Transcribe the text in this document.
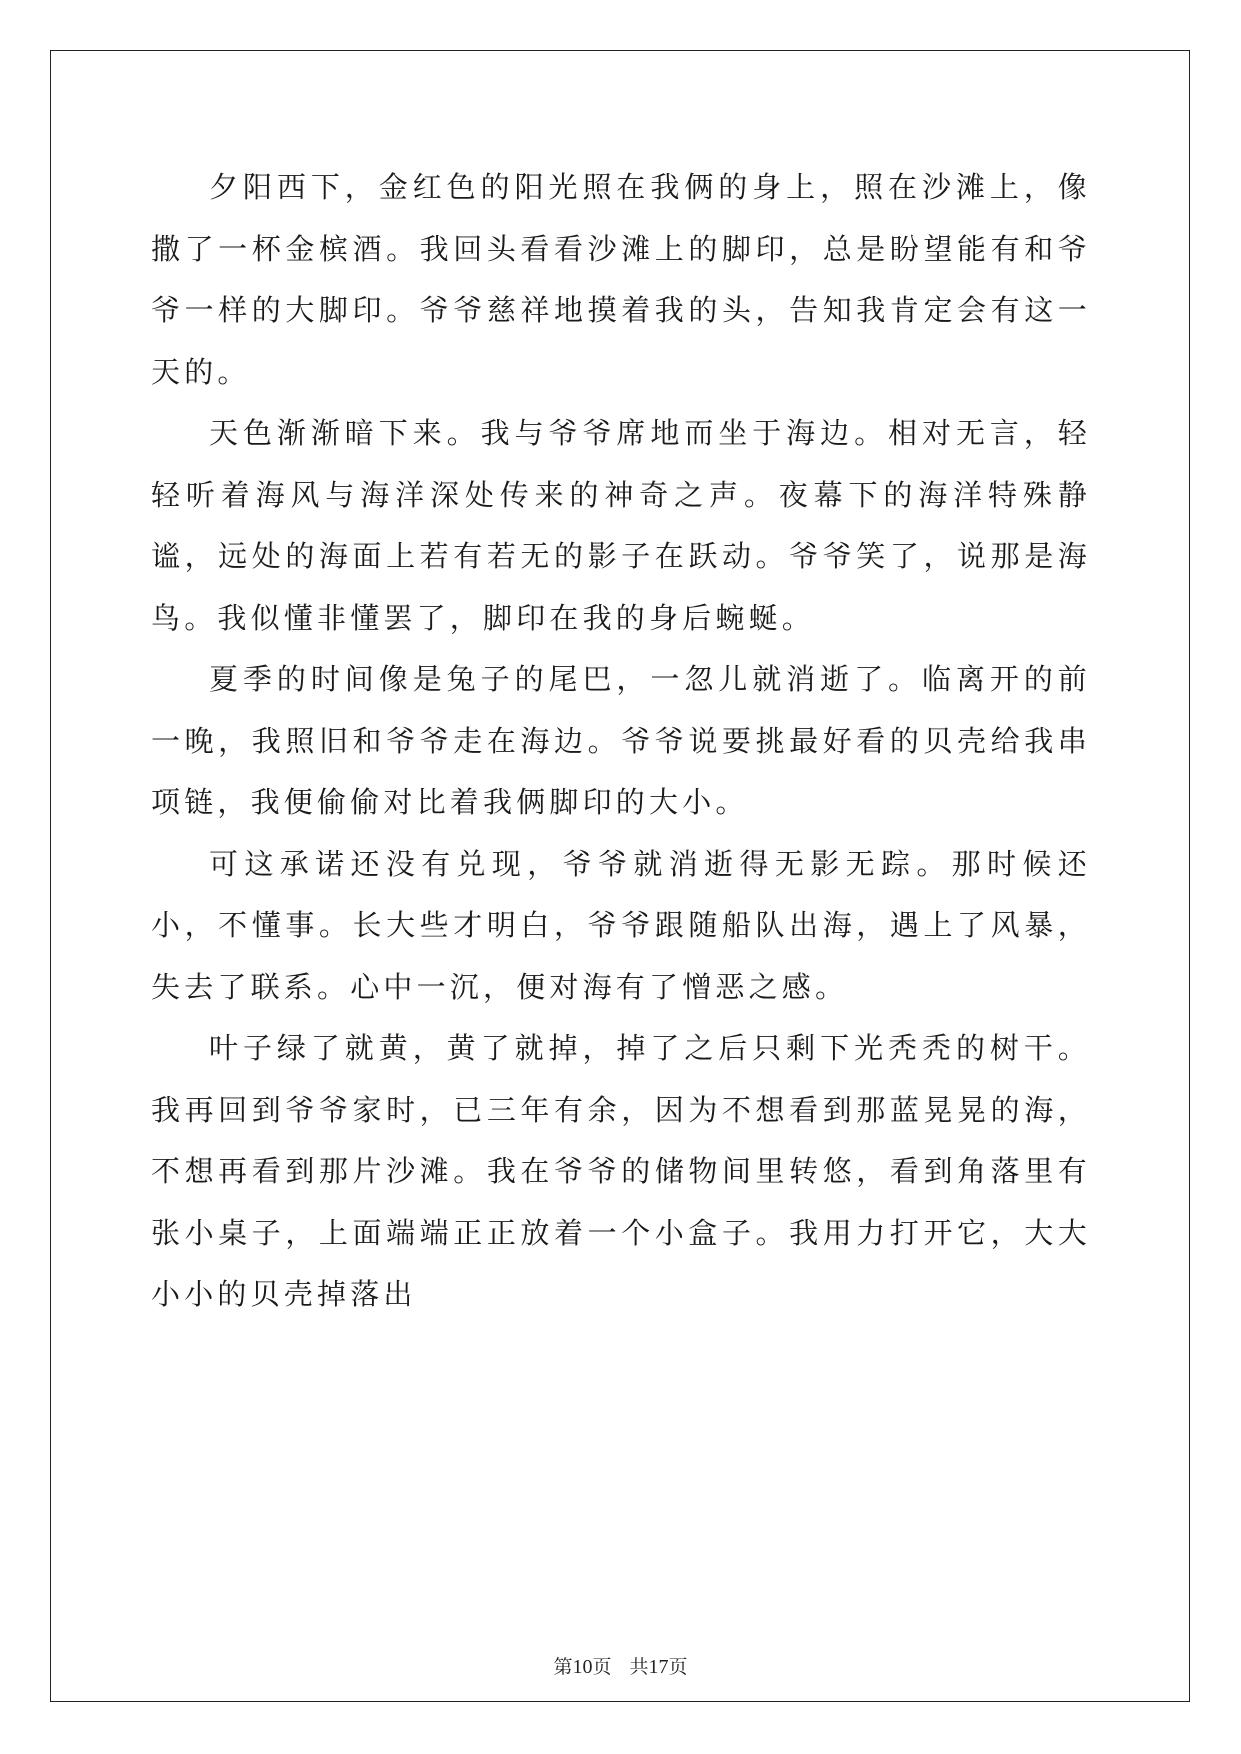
夕阳西下，金红色的阳光照在我俩的身上，照在沙滩上，像撒了一杯金槟酒。我回头看看沙滩上的脚印，总是盼望能有和爷爷一样的大脚印。爷爷慈祥地摸着我的头，告知我肯定会有这一天的。

天色渐渐暗下来。我与爷爷席地而坐于海边。相对无言，轻轻听着海风与海洋深处传来的神奇之声。夜幕下的海洋特殊静谧，远处的海面上若有若无的影子在跃动。爷爷笑了，说那是海鸟。我似懂非懂罢了，脚印在我的身后蜿蜒。

夏季的时间像是兔子的尾巴，一忽儿就消逝了。临离开的前一晚，我照旧和爷爷走在海边。爷爷说要挑最好看的贝壳给我串项链，我便偷偷对比着我俩脚印的大小。

可这承诺还没有兑现，爷爷就消逝得无影无踪。那时候还小，不懂事。长大些才明白，爷爷跟随船队出海，遇上了风暴，失去了联系。心中一沉，便对海有了憎恶之感。

叶子绿了就黄，黄了就掉，掉了之后只剩下光秃秃的树干。我再回到爷爷家时，已三年有余，因为不想看到那蓝晃晃的海，不想再看到那片沙滩。我在爷爷的储物间里转悠，看到角落里有张小桌子，上面端端正正放着一个小盒子。我用力打开它，大大小小的贝壳掉落出

第10页 共17页
